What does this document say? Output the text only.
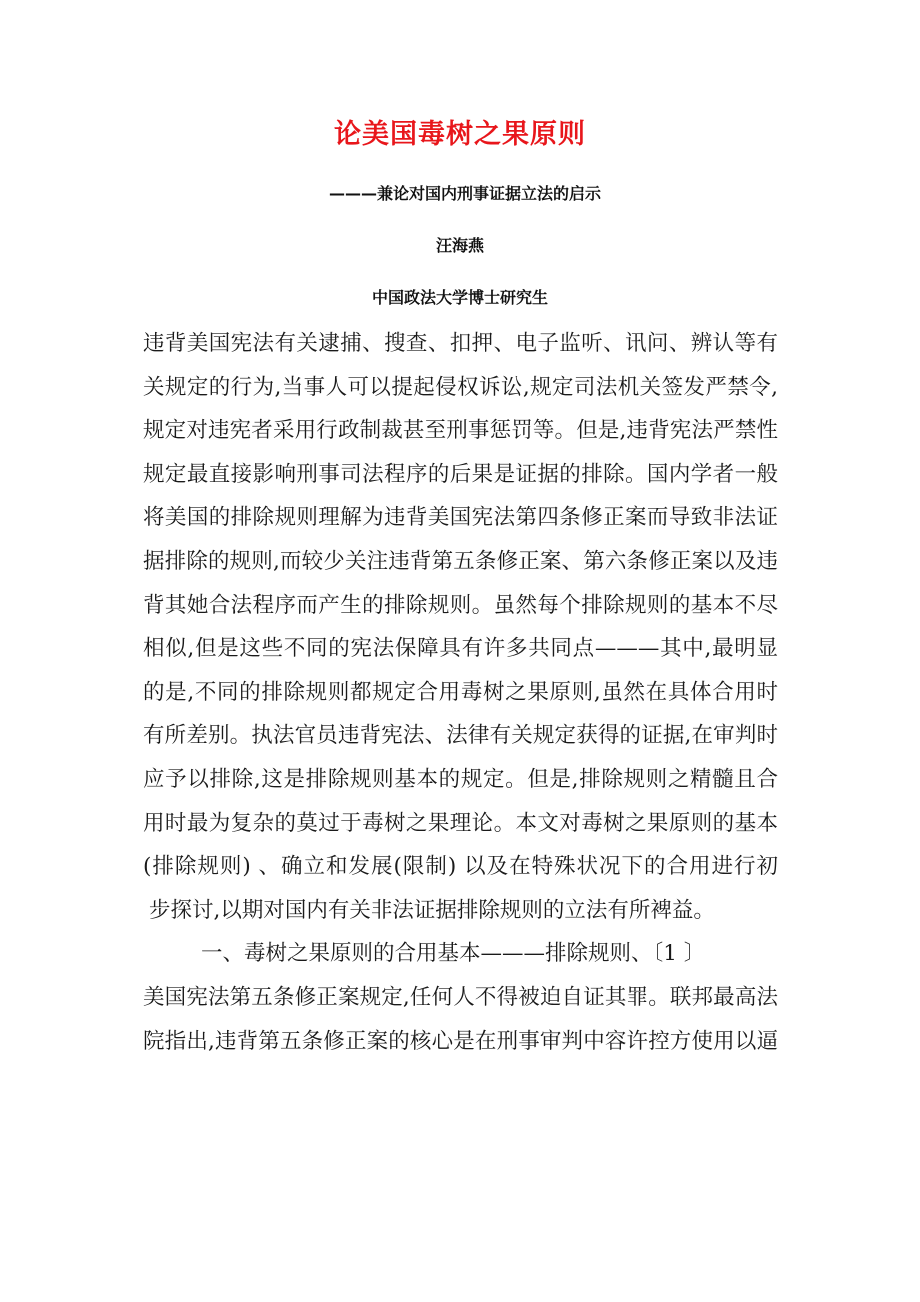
论美国毒树之果原则
———兼论对国内刑事证据立法的启示
汪海燕
中国政法大学博士研究生
违背美国宪法有关逮捕、搜查、扣押、电子监听、讯问、辨认等有
关规定的行为,当事人可以提起侵权诉讼,规定司法机关签发严禁令,
规定对违宪者采用行政制裁甚至刑事惩罚等。但是,违背宪法严禁性
规定最直接影响刑事司法程序的后果是证据的排除。国内学者一般
将美国的排除规则理解为违背美国宪法第四条修正案而导致非法证
据排除的规则,而较少关注违背第五条修正案、第六条修正案以及违
背其她合法程序而产生的排除规则。虽然每个排除规则的基本不尽
相似,但是这些不同的宪法保障具有许多共同点———其中,最明显
的是,不同的排除规则都规定合用毒树之果原则,虽然在具体合用时
有所差别。执法官员违背宪法、法律有关规定获得的证据,在审判时
应予以排除,这是排除规则基本的规定。但是,排除规则之精髓且合
用时最为复杂的莫过于毒树之果理论。本文对毒树之果原则的基本
(排除规则) 、确立和发展(限制) 以及在特殊状况下的合用进行初
步探讨,以期对国内有关非法证据排除规则的立法有所裨益。
一、毒树之果原则的合用基本———排除规则、〔1 〕
美国宪法第五条修正案规定,任何人不得被迫自证其罪。联邦最高法
院指出,违背第五条修正案的核心是在刑事审判中容许控方使用以逼
